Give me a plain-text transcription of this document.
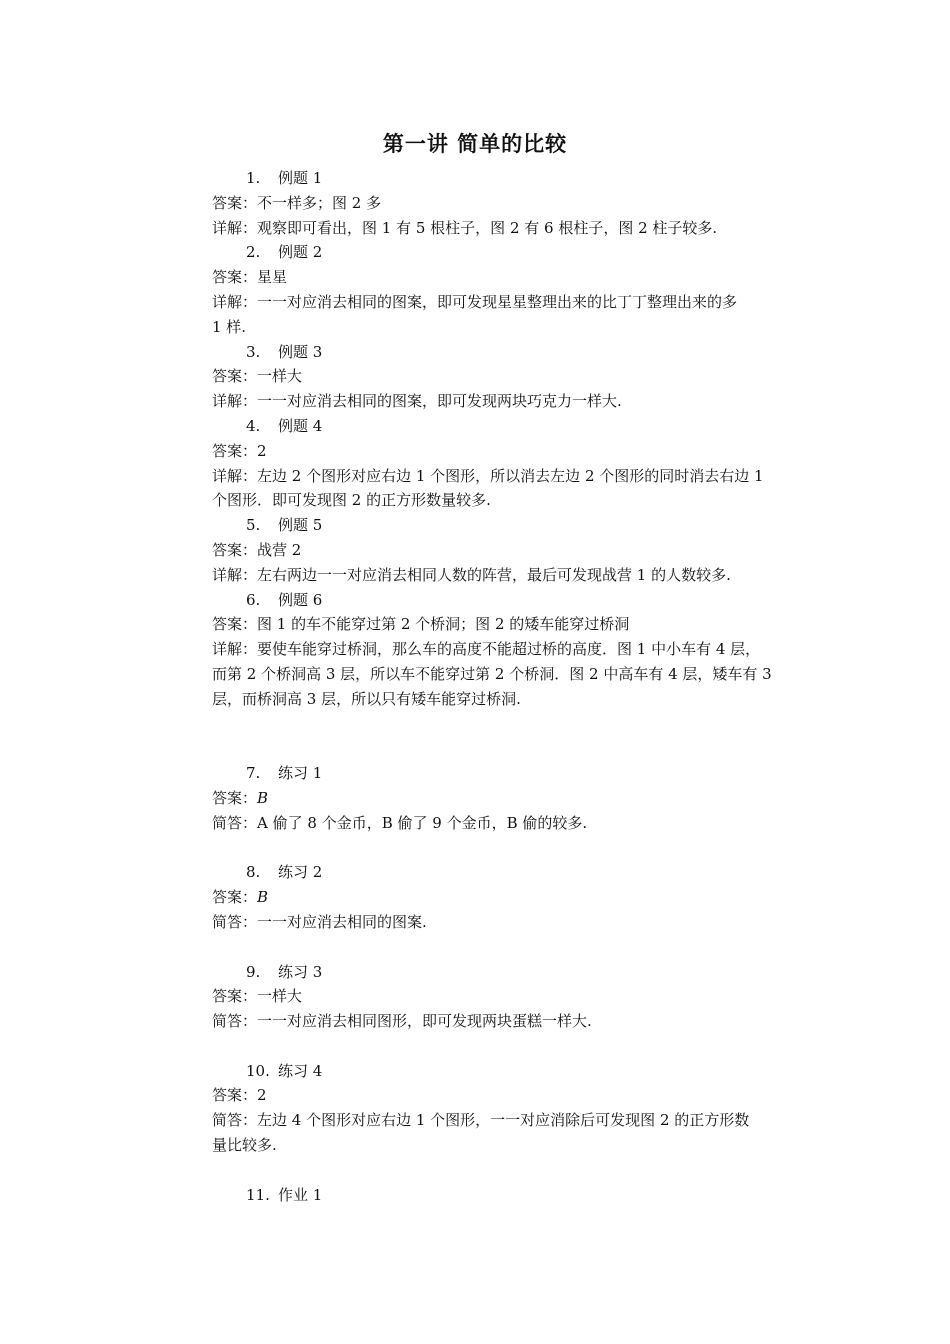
第一讲 简单的比较
1. 例题 1
答案：不一样多；图 2 多
详解：观察即可看出，图 1 有 5 根柱子，图 2 有 6 根柱子，图 2 柱子较多.
2. 例题 2
答案：星星
详解：一一对应消去相同的图案，即可发现星星整理出来的比丁丁整理出来的多
1 样.
3. 例题 3
答案：一样大
详解：一一对应消去相同的图案，即可发现两块巧克力一样大.
4. 例题 4
答案：2
详解：左边 2 个图形对应右边 1 个图形，所以消去左边 2 个图形的同时消去右边 1
个图形．即可发现图 2 的正方形数量较多.
5. 例题 5
答案：战营 2
详解：左右两边一一对应消去相同人数的阵营，最后可发现战营 1 的人数较多.
6. 例题 6
答案：图 1 的车不能穿过第 2 个桥洞；图 2 的矮车能穿过桥洞
详解：要使车能穿过桥洞，那么车的高度不能超过桥的高度．图 1 中小车有 4 层，
而第 2 个桥洞高 3 层，所以车不能穿过第 2 个桥洞．图 2 中高车有 4 层，矮车有 3
层，而桥洞高 3 层，所以只有矮车能穿过桥洞.
7. 练习 1
答案：B
简答：A 偷了 8 个金币，B 偷了 9 个金币，B 偷的较多.
8. 练习 2
答案：B
简答：一一对应消去相同的图案.
9. 练习 3
答案：一样大
简答：一一对应消去相同图形，即可发现两块蛋糕一样大.
10. 练习 4
答案：2
简答：左边 4 个图形对应右边 1 个图形，一一对应消除后可发现图 2 的正方形数
量比较多.
11. 作业 1
